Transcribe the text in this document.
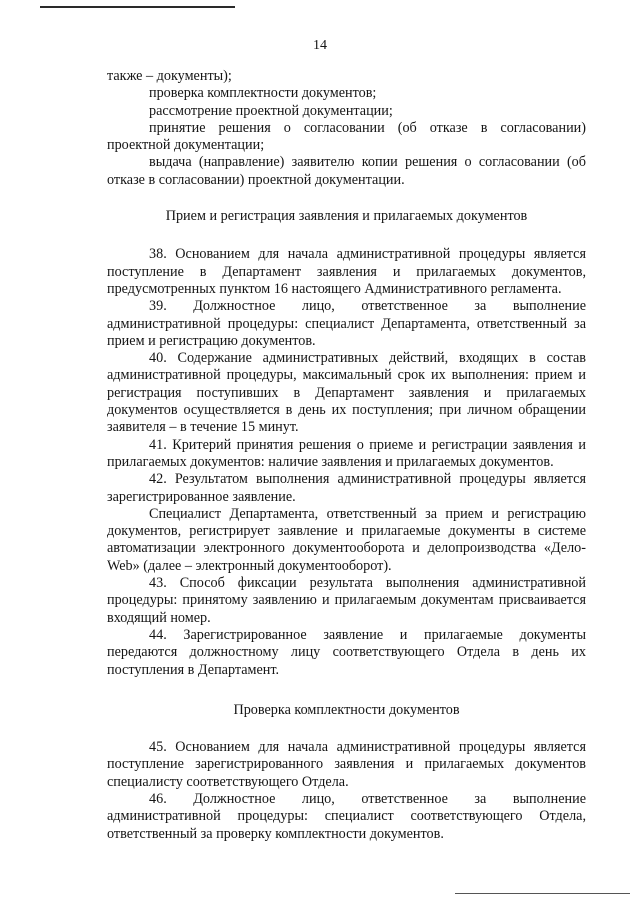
14

также – документы);

проверка комплектности документов;

рассмотрение проектной документации;

принятие решения о согласовании (об отказе в согласовании) проектной документации;

выдача (направление) заявителю копии решения о согласовании (об отказе в согласовании) проектной документации.

Прием и регистрация заявления и прилагаемых документов

38. Основанием для начала административной процедуры является поступление в Департамент заявления и прилагаемых документов, предусмотренных пунктом 16 настоящего Административного регламента.

39. Должностное лицо, ответственное за выполнение административной процедуры: специалист Департамента, ответственный за прием и регистрацию документов.

40. Содержание административных действий, входящих в состав административной процедуры, максимальный срок их выполнения: прием и регистрация поступивших в Департамент заявления и прилагаемых документов осуществляется в день их поступления; при личном обращении заявителя – в течение 15 минут.

41. Критерий принятия решения о приеме и регистрации заявления и прилагаемых документов: наличие заявления и прилагаемых документов.

42. Результатом выполнения административной процедуры является зарегистрированное заявление.

Специалист Департамента, ответственный за прием и регистрацию документов, регистрирует заявление и прилагаемые документы в системе автоматизации электронного документооборота и делопроизводства «Дело-Web» (далее – электронный документооборот).

43. Способ фиксации результата выполнения административной процедуры: принятому заявлению и прилагаемым документам присваивается входящий номер.

44. Зарегистрированное заявление и прилагаемые документы передаются должностному лицу соответствующего Отдела в день их поступления в Департамент.

Проверка комплектности документов

45. Основанием для начала административной процедуры является поступление зарегистрированного заявления и прилагаемых документов специалисту соответствующего Отдела.

46. Должностное лицо, ответственное за выполнение административной процедуры: специалист соответствующего Отдела, ответственный за проверку комплектности документов.
